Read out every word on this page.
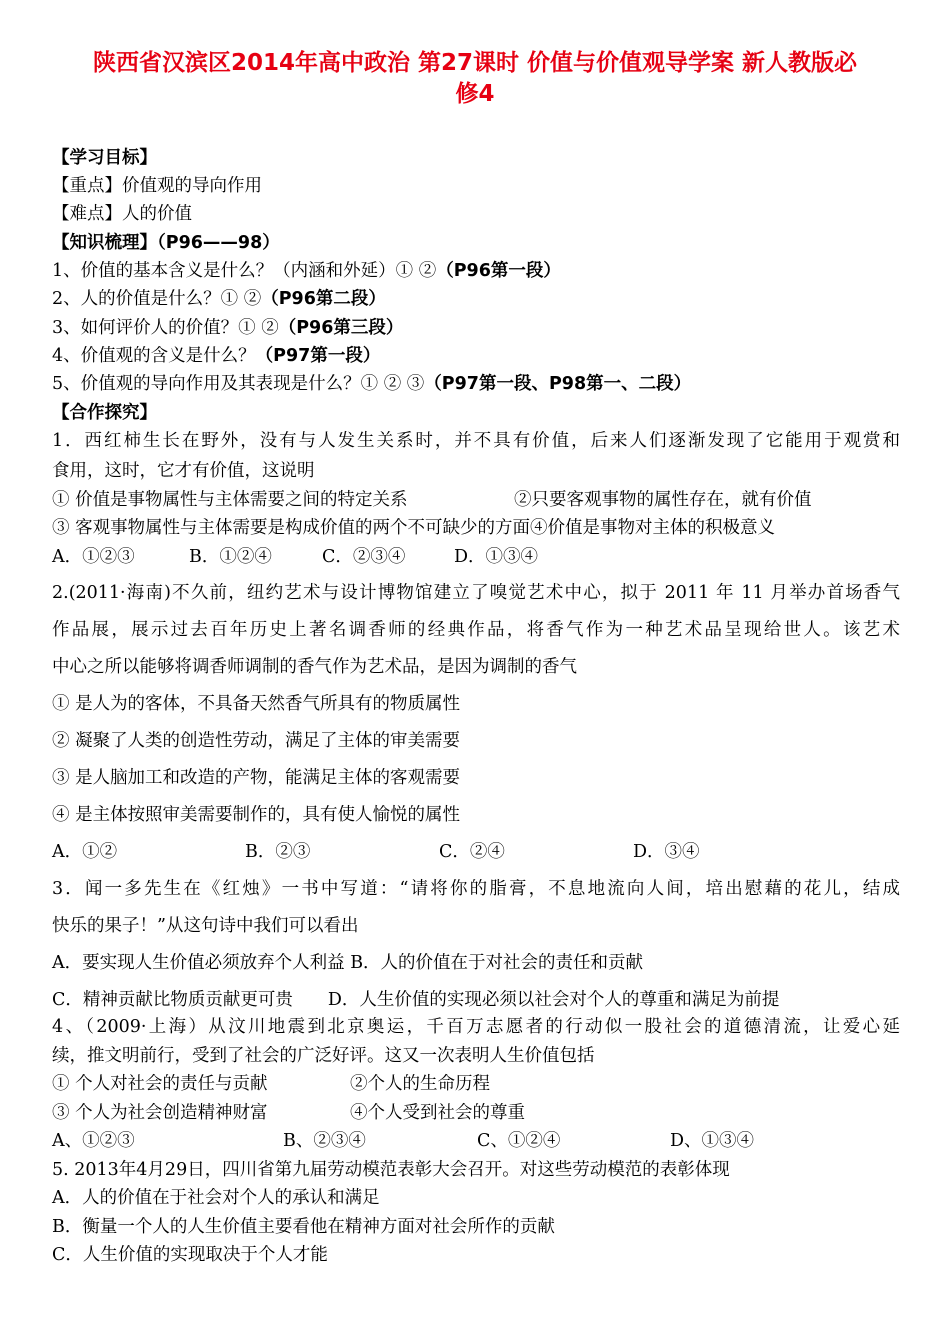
陕西省汉滨区2014年高中政治 第27课时 价值与价值观导学案 新人教版必
修4
【学习目标】
【重点】价值观的导向作用
【难点】人的价值
【知识梳理】（P96——98）
1、价值的基本含义是什么？（内涵和外延）① ②（P96第一段）
2、人的价值是什么？① ②（P96第二段）
3、如何评价人的价值？① ②（P96第三段）
4、价值观的含义是什么？（P97第一段）
5、价值观的导向作用及其表现是什么？① ② ③（P97第一段、P98第一、二段）
【合作探究】
1．西红柿生长在野外，没有与人发生关系时，并不具有价值，后来人们逐渐发现了它能用于观赏和
食用，这时，它才有价值，这说明
① 价值是事物属性与主体需要之间的特定关系	②只要客观事物的属性存在，就有价值
③ 客观事物属性与主体需要是构成价值的两个不可缺少的方面④价值是事物对主体的积极意义
A．①②③	B．①②④	C．②③④	D．①③④
2.(2011·海南)不久前，纽约艺术与设计博物馆建立了嗅觉艺术中心，拟于 2011 年 11 月举办首场香气
作品展，展示过去百年历史上著名调香师的经典作品，将香气作为一种艺术品呈现给世人。该艺术
中心之所以能够将调香师调制的香气作为艺术品，是因为调制的香气
① 是人为的客体，不具备天然香气所具有的物质属性
② 凝聚了人类的创造性劳动，满足了主体的审美需要
③ 是人脑加工和改造的产物，能满足主体的客观需要
④ 是主体按照审美需要制作的，具有使人愉悦的属性
A．①②	B．②③	C．②④	D．③④
3．闻一多先生在《红烛》一书中写道：“请将你的脂膏，不息地流向人间，培出慰藉的花儿，结成
快乐的果子！”从这句诗中我们可以看出
A．要实现人生价值必须放弃个人利益 B．人的价值在于对社会的责任和贡献
C．精神贡献比物质贡献更可贵　　D．人生价值的实现必须以社会对个人的尊重和满足为前提
4、（2009·上海）从汶川地震到北京奥运，千百万志愿者的行动似一股社会的道德清流，让爱心延
续，推文明前行，受到了社会的广泛好评。这又一次表明人生价值包括
① 个人对社会的责任与贡献	②个人的生命历程
③ 个人为社会创造精神财富	④个人受到社会的尊重
A、①②③	B、②③④	C、①②④	D、①③④
5. 2013年4月29日，四川省第九届劳动模范表彰大会召开。对这些劳动模范的表彰体现
A．人的价值在于社会对个人的承认和满足
B．衡量一个人的人生价值主要看他在精神方面对社会所作的贡献
C．人生价值的实现取决于个人才能
